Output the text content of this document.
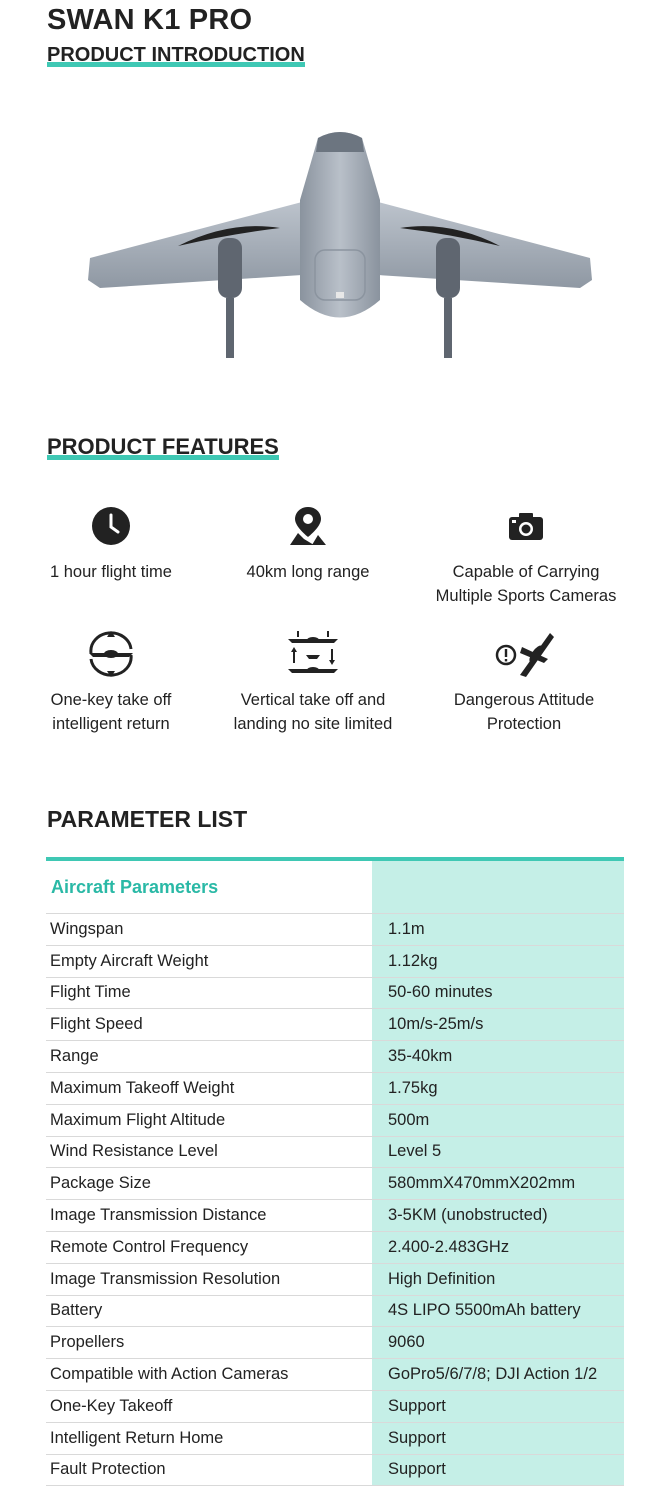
SWAN K1 PRO
PRODUCT INTRODUCTION
PRODUCT FEATURES
1 hour flight time	40km long range	Capable of Carrying
Multiple Sports Cameras
One-key take off
intelligent return
Vertical take off and
landing no site limited
Dangerous Attitude
Protection
PARAMETER LIST
Aircraft Parameters
Wingspan	1.1m
Empty Aircraft Weight	1.12kg
Flight Time	50-60 minutes
Flight Speed	10m/s-25m/s
Range	35-40km
Maximum Takeoff Weight	1.75kg
Maximum Flight Altitude	500m
Wind Resistance Level	Level 5
Package Size	580mmX470mmX202mm
Image Transmission Distance	3-5KM (unobstructed)
Remote Control Frequency	2.400-2.483GHz
Image Transmission Resolution	High Definition
Battery	4S LIPO 5500mAh battery
Propellers	9060
Compatible with Action Cameras	GoPro5/6/7/8; DJI Action 1/2
One-Key Takeoff	Support
Intelligent Return Home	Support
Fault Protection	Support
